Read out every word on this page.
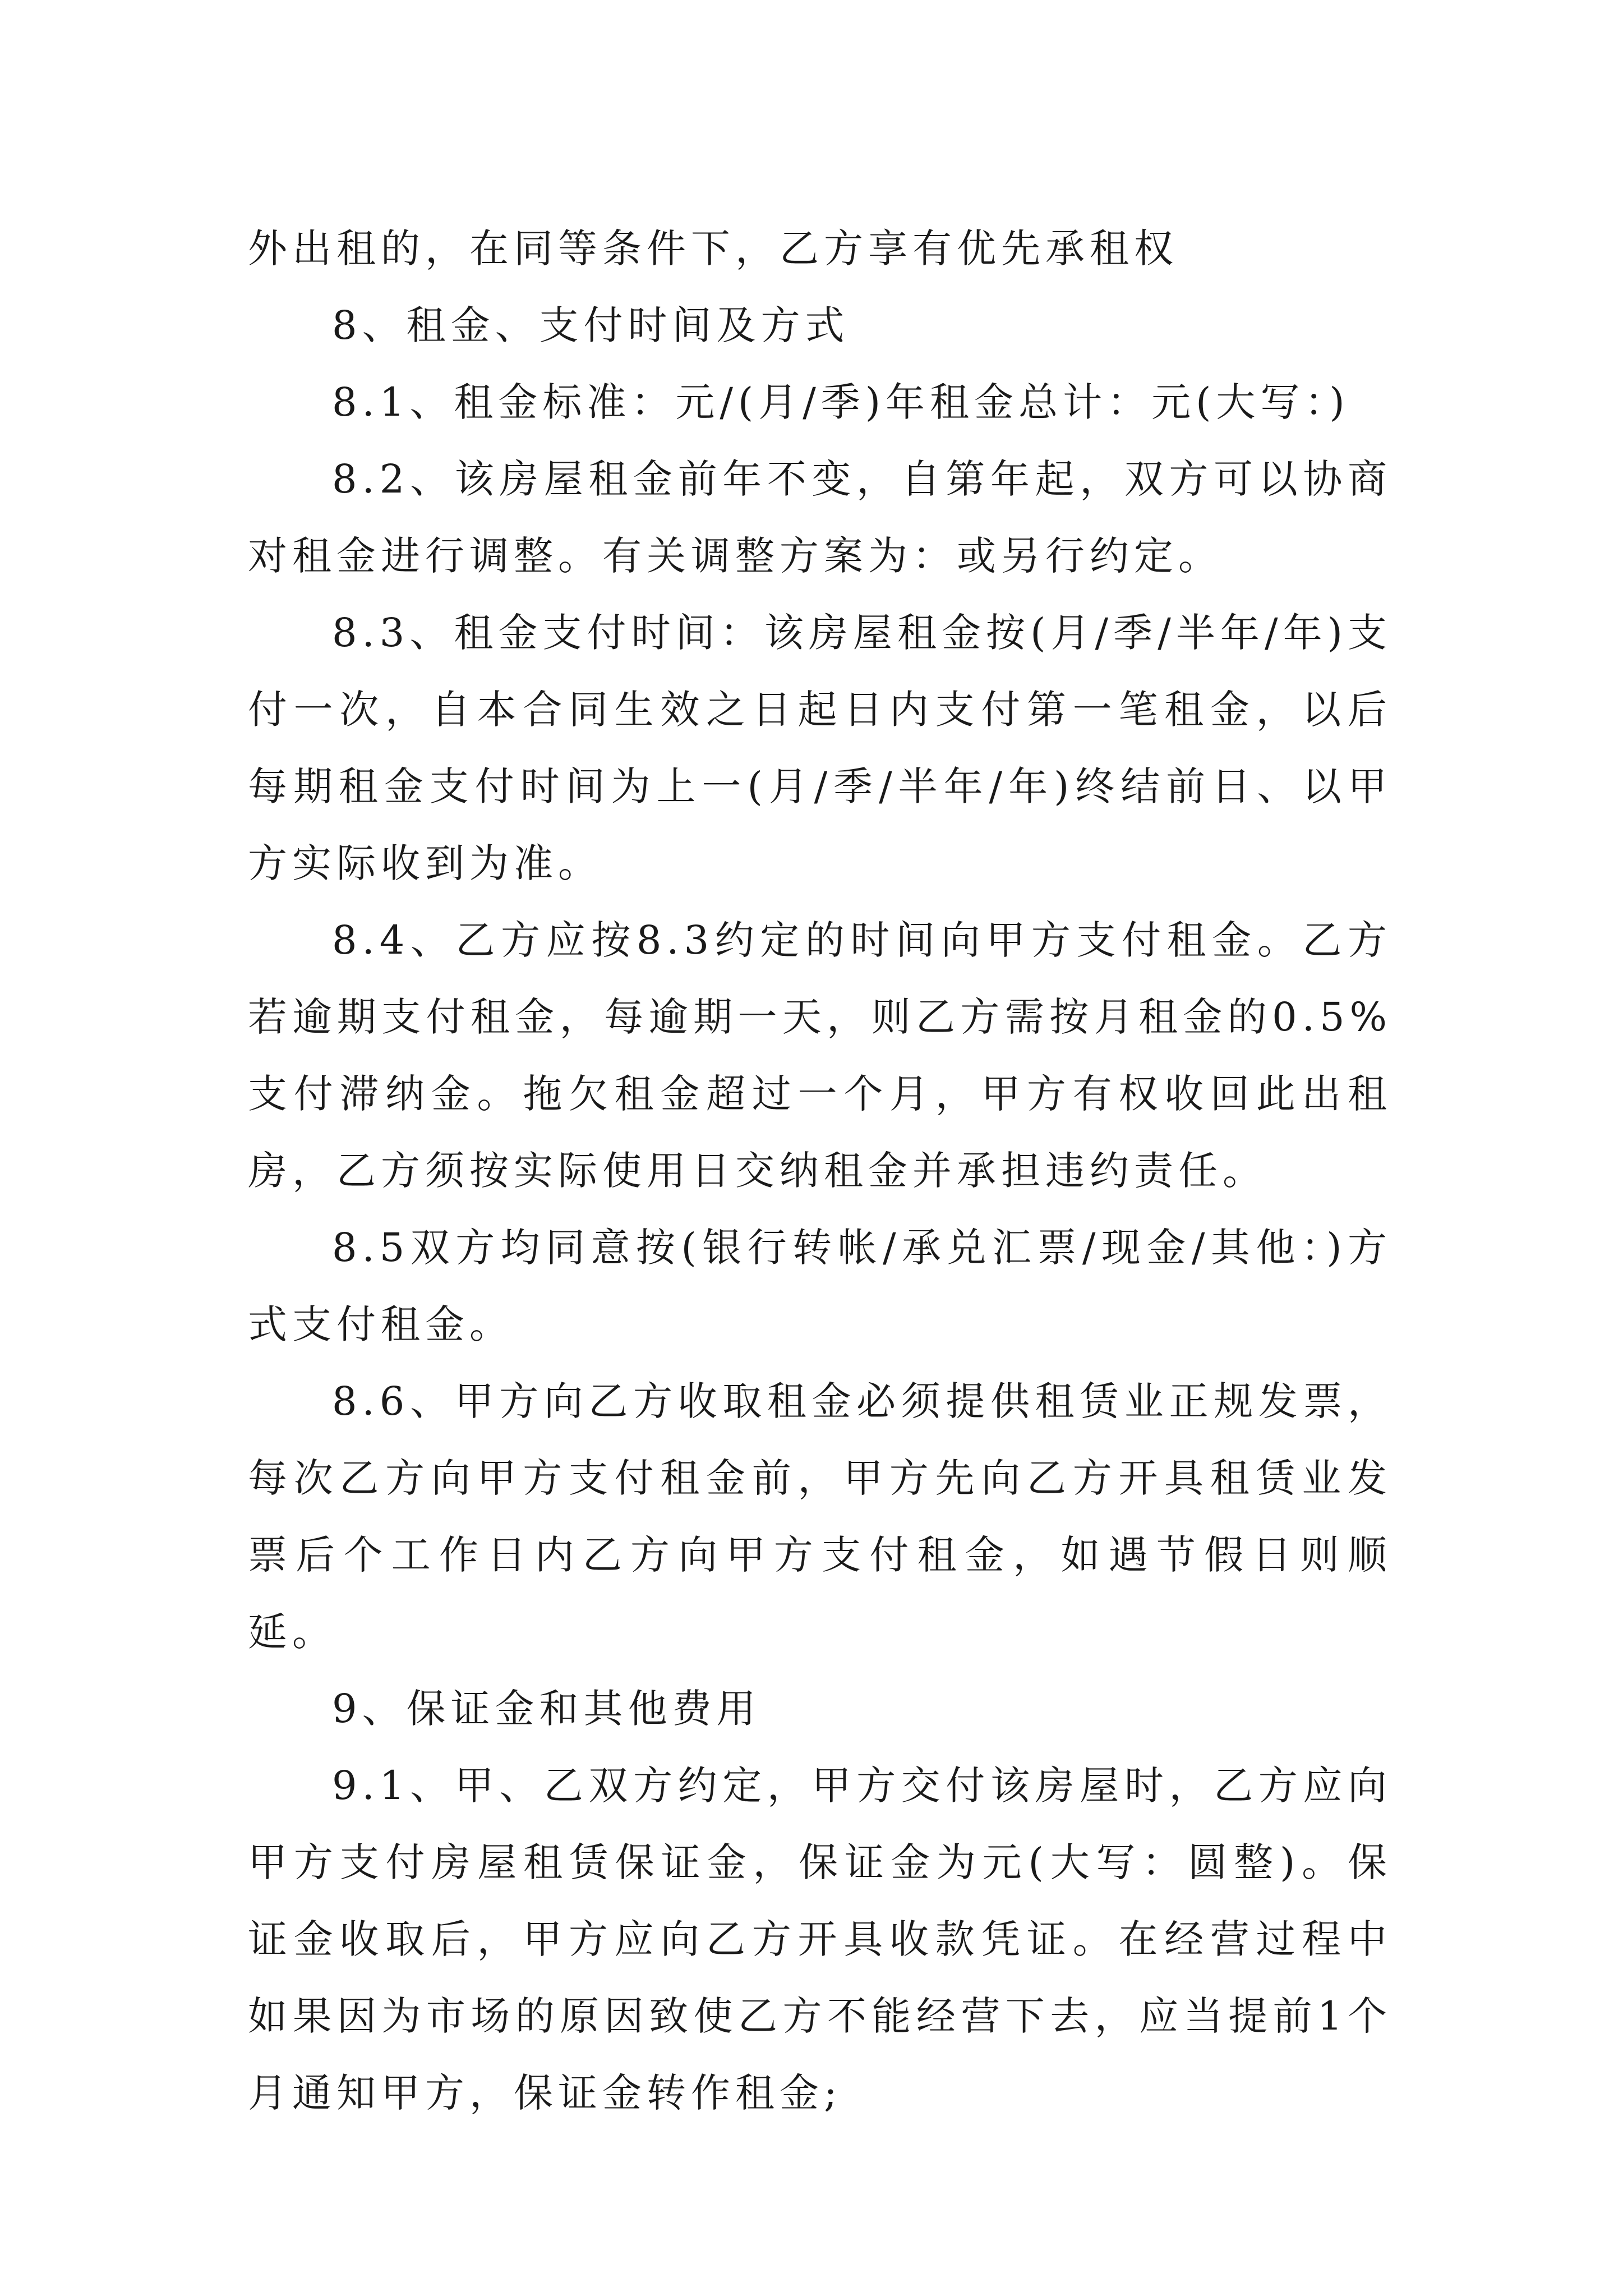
外出租的，在同等条件下，乙方享有优先承租权

8、租金、支付时间及方式

8.1、租金标准：元/(月/季)年租金总计：元(大写：)

8.2、该房屋租金前年不变，自第年起，双方可以协商对租金进行调整。有关调整方案为：或另行约定。

8.3、租金支付时间：该房屋租金按(月/季/半年/年)支付一次，自本合同生效之日起日内支付第一笔租金，以后每期租金支付时间为上一(月/季/半年/年)终结前日、以甲方实际收到为准。

8.4、乙方应按8.3约定的时间向甲方支付租金。乙方若逾期支付租金，每逾期一天，则乙方需按月租金的0.5%支付滞纳金。拖欠租金超过一个月，甲方有权收回此出租房，乙方须按实际使用日交纳租金并承担违约责任。

8.5双方均同意按(银行转帐/承兑汇票/现金/其他：)方式支付租金。

8.6、甲方向乙方收取租金必须提供租赁业正规发票，每次乙方向甲方支付租金前，甲方先向乙方开具租赁业发票后个工作日内乙方向甲方支付租金，如遇节假日则顺延。

9、保证金和其他费用

9.1、甲、乙双方约定，甲方交付该房屋时，乙方应向甲方支付房屋租赁保证金，保证金为元(大写：圆整)。保证金收取后，甲方应向乙方开具收款凭证。在经营过程中如果因为市场的原因致使乙方不能经营下去，应当提前1个月通知甲方，保证金转作租金;
